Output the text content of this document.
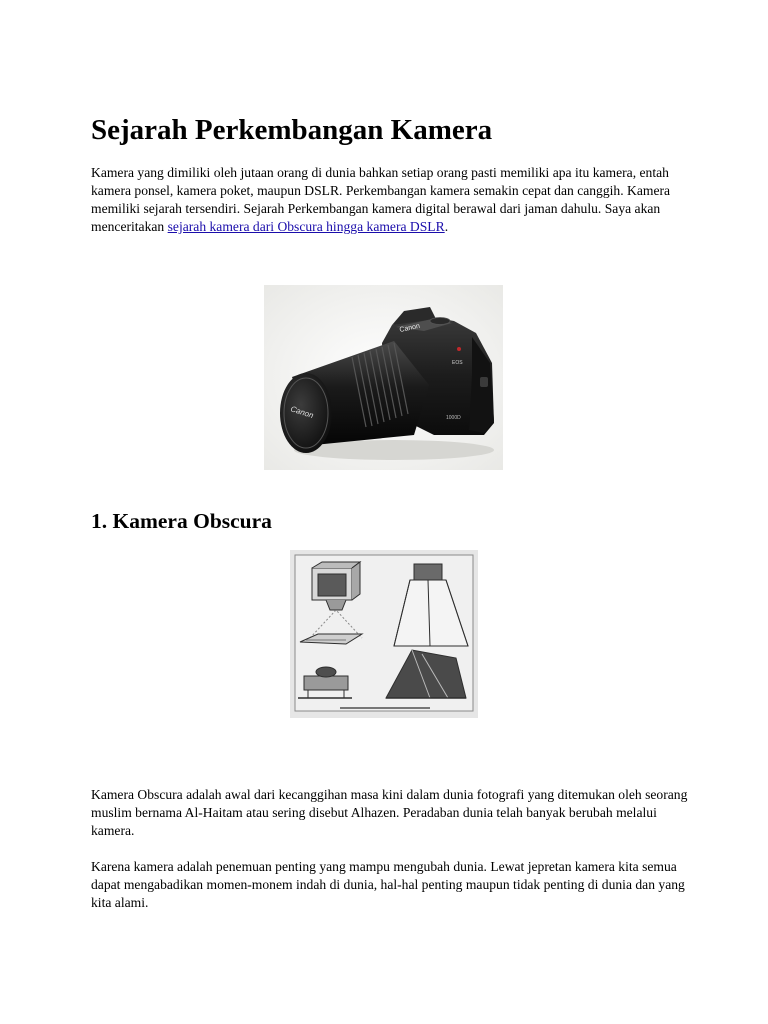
Sejarah Perkembangan Kamera

Kamera yang dimiliki oleh jutaan orang di dunia bahkan setiap orang pasti memiliki apa itu kamera, entah kamera ponsel, kamera poket, maupun DSLR. Perkembangan kamera semakin cepat dan canggih. Kamera memiliki sejarah tersendiri. Sejarah Perkembangan kamera digital berawal dari jaman dahulu. Saya akan menceritakan sejarah kamera dari Obscura hingga kamera DSLR.

Canon
Canon
EOS
1000D
1. Kamera Obscura

Kamera Obscura adalah awal dari kecanggihan masa kini dalam dunia fotografi yang ditemukan oleh seorang muslim bernama Al-Haitam atau sering disebut Alhazen. Peradaban dunia telah banyak berubah melalui kamera.

Karena kamera adalah penemuan penting yang mampu mengubah dunia. Lewat jepretan kamera kita semua dapat mengabadikan momen-monem indah di dunia, hal-hal penting maupun tidak penting di dunia dan yang kita alami.
